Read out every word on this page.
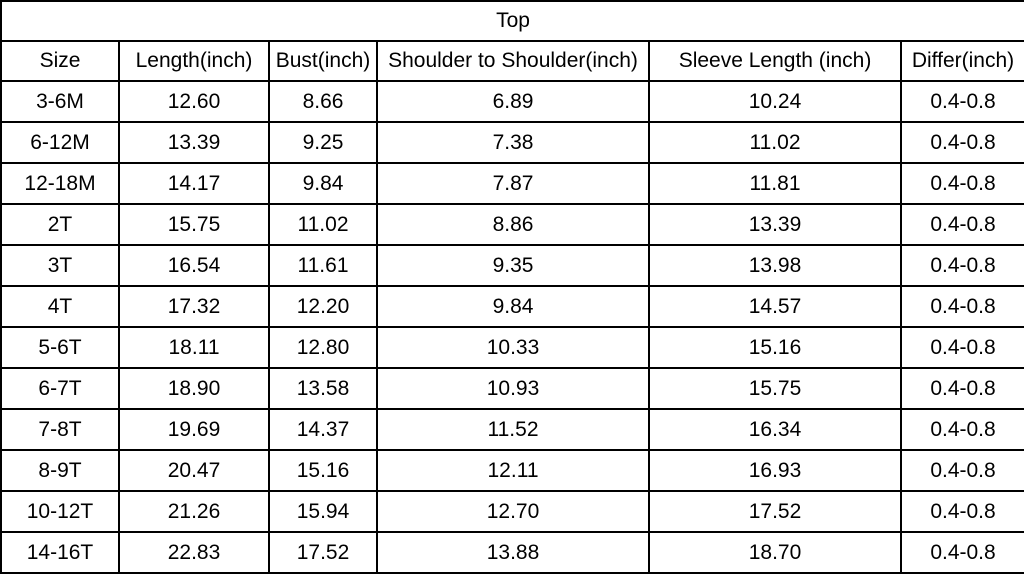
Top					
Size	Length(inch)	Bust(inch)	Shoulder to Shoulder(inch)	Sleeve Length (inch)	Differ(inch)
3-6M	12.60	8.66	6.89	10.24	0.4-0.8
6-12M	13.39	9.25	7.38	11.02	0.4-0.8
12-18M	14.17	9.84	7.87	11.81	0.4-0.8
2T	15.75	11.02	8.86	13.39	0.4-0.8
3T	16.54	11.61	9.35	13.98	0.4-0.8
4T	17.32	12.20	9.84	14.57	0.4-0.8
5-6T	18.11	12.80	10.33	15.16	0.4-0.8
6-7T	18.90	13.58	10.93	15.75	0.4-0.8
7-8T	19.69	14.37	11.52	16.34	0.4-0.8
8-9T	20.47	15.16	12.11	16.93	0.4-0.8
10-12T	21.26	15.94	12.70	17.52	0.4-0.8
14-16T	22.83	17.52	13.88	18.70	0.4-0.8
